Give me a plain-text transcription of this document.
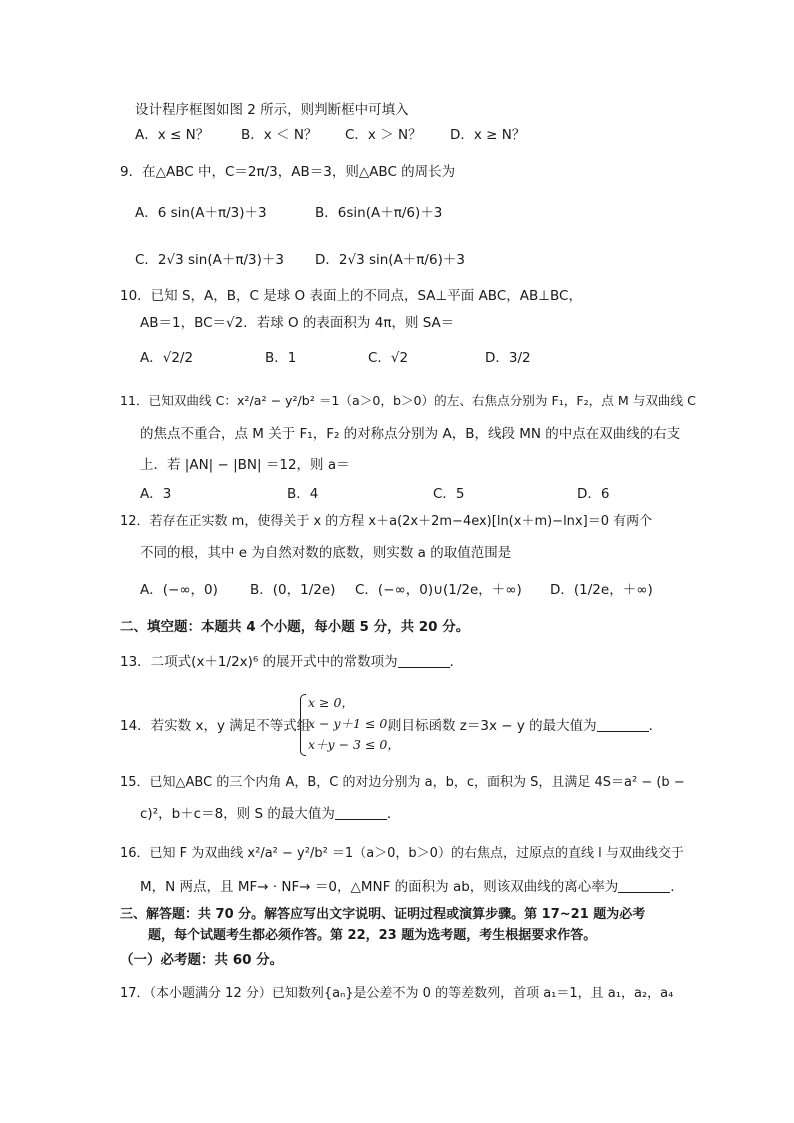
设计程序框图如图 2 所示，则判断框中可填入
A．x ≤ N？ B．x ＜ N？ C．x ＞ N？ D．x ≥ N？
9．在△ABC 中，C＝2π/3，AB＝3，则△ABC 的周长为
A．6 sin(A＋π/3)＋3	B．6sin(A＋π/6)＋3
C．2√3 sin(A＋π/3)＋3 D．2√3 sin(A＋π/6)＋3
10．已知 S，A，B，C 是球 O 表面上的不同点，SA⊥平面 ABC，AB⊥BC，
AB＝1，BC＝√2．若球 O 的表面积为 4π，则 SA＝
A．√2/2	B．1	C．√2	D．3/2
11．已知双曲线 C：x²/a² − y²/b² ＝1（a＞0，b＞0）的左、右焦点分别为 F₁，F₂，点 M 与双曲线 C
的焦点不重合，点 M 关于 F₁，F₂ 的对称点分别为 A，B，线段 MN 的中点在双曲线的右支
上．若 |AN| − |BN| ＝12，则 a＝
A．3	B．4	C．5	D．6
12．若存在正实数 m，使得关于 x 的方程 x＋a(2x＋2m−4ex)[ln(x＋m)−lnx]＝0 有两个
不同的根，其中 e 为自然对数的底数，则实数 a 的取值范围是
A．(−∞，0) B．(0，1/2e) C．(−∞，0)∪(1/2e，＋∞) D．(1/2e，＋∞)
二、填空题：本题共 4 个小题，每小题 5 分，共 20 分。
13．二项式(x＋1/2x)⁶ 的展开式中的常数项为	．
14．若实数 x，y 满足不等式组
x ≥ 0，
x − y＋1 ≤ 0，
x＋y − 3 ≤ 0，
则目标函数 z＝3x − y 的最大值为	．
15．已知△ABC 的三个内角 A，B，C 的对边分别为 a，b，c，面积为 S，且满足 4S＝a² − (b −
c)²，b＋c＝8，则 S 的最大值为	．
16．已知 F 为双曲线 x²/a² − y²/b² ＝1（a＞0，b＞0）的右焦点，过原点的直线 l 与双曲线交于
M，N 两点，且 MF→ · NF→ ＝0，△MNF 的面积为 ab，则该双曲线的离心率为	．
三、解答题：共 70 分。解答应写出文字说明、证明过程或演算步骤。第 17~21 题为必考
题，每个试题考生都必须作答。第 22，23 题为选考题，考生根据要求作答。
（一）必考题：共 60 分。
17．（本小题满分 12 分）已知数列{aₙ}是公差不为 0 的等差数列，首项 a₁＝1，且 a₁，a₂，a₄
